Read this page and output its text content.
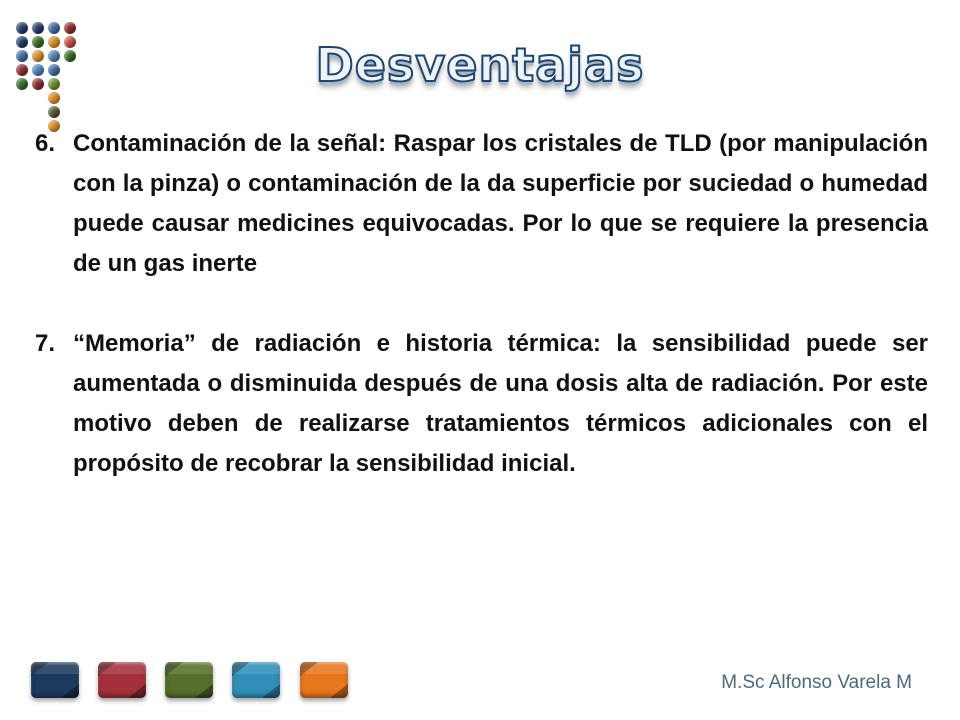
Desventajas
6. Contaminación de la señal: Raspar los cristales de TLD (por manipulación con la pinza) o contaminación de la da superficie por suciedad o humedad puede causar medicines equivocadas. Por lo que se requiere la presencia de un gas inerte
7. “Memoria” de radiación e historia térmica: la sensibilidad puede ser aumentada o disminuida después de una dosis alta de radiación. Por este motivo deben de realizarse tratamientos térmicos adicionales con el propósito de recobrar la sensibilidad inicial.
M.Sc Alfonso Varela M
